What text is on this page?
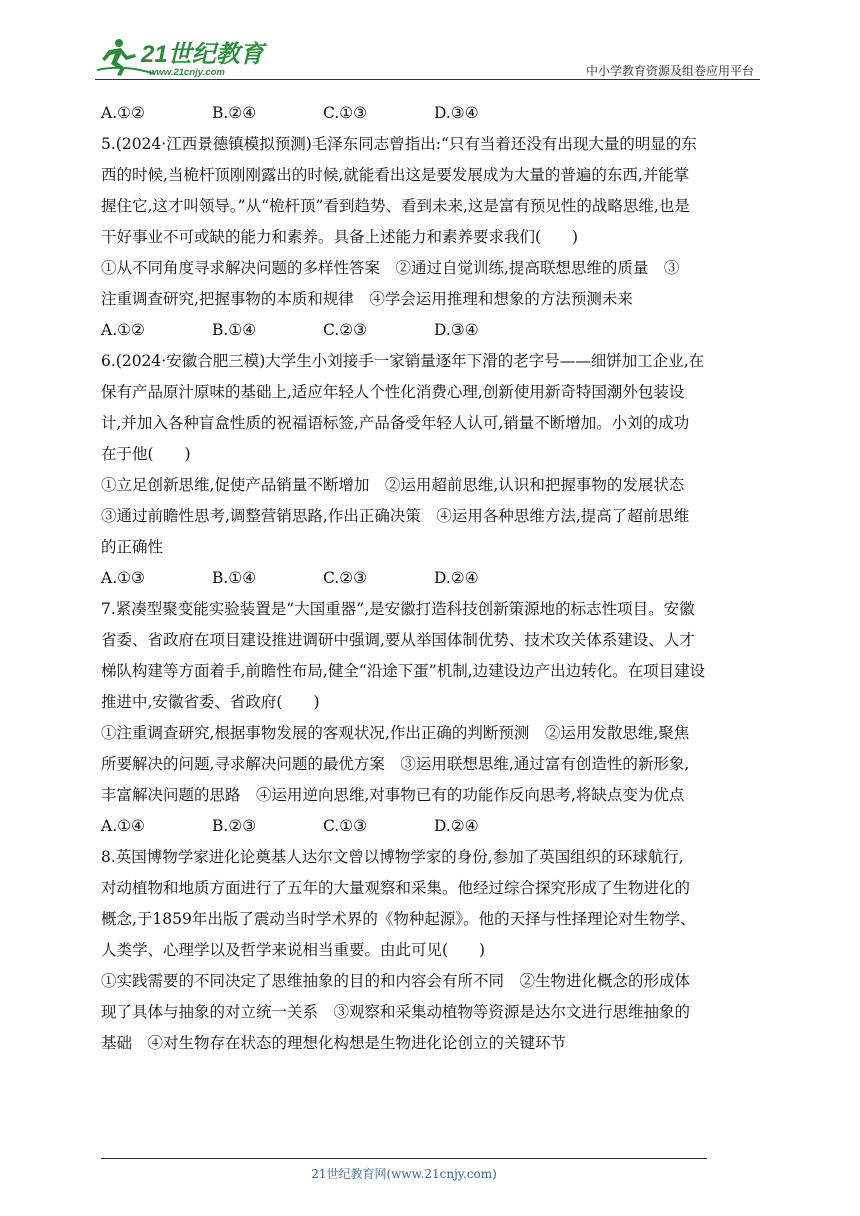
21世纪教育
www.21cnjy.com	中小学教育资源及组卷应用平台
A.①②	B.②④	C.①③	D.③④
5.(2024·江西景德镇模拟预测)毛泽东同志曾指出:“只有当着还没有出现大量的明显的东
西的时候,当桅杆顶刚刚露出的时候,就能看出这是要发展成为大量的普遍的东西,并能掌
握住它,这才叫领导。”从“桅杆顶”看到趋势、看到未来,这是富有预见性的战略思维,也是
干好事业不可或缺的能力和素养。具备上述能力和素养要求我们(　　)
①从不同角度寻求解决问题的多样性答案　②通过自觉训练,提高联想思维的质量　③
注重调查研究,把握事物的本质和规律　④学会运用推理和想象的方法预测未来
A.①②	B.①④	C.②③	D.③④
6.(2024·安徽合肥三模)大学生小刘接手一家销量逐年下滑的老字号——细饼加工企业,在
保有产品原汁原味的基础上,适应年轻人个性化消费心理,创新使用新奇特国潮外包装设
计,并加入各种盲盒性质的祝福语标签,产品备受年轻人认可,销量不断增加。小刘的成功
在于他(　　)
①立足创新思维,促使产品销量不断增加　②运用超前思维,认识和把握事物的发展状态
③通过前瞻性思考,调整营销思路,作出正确决策　④运用各种思维方法,提高了超前思维
的正确性
A.①③	B.①④	C.②③	D.②④
7.紧凑型聚变能实验装置是“大国重器”,是安徽打造科技创新策源地的标志性项目。安徽
省委、省政府在项目建设推进调研中强调,要从举国体制优势、技术攻关体系建设、人才
梯队构建等方面着手,前瞻性布局,健全“沿途下蛋”机制,边建设边产出边转化。在项目建设
推进中,安徽省委、省政府(　　)
①注重调查研究,根据事物发展的客观状况,作出正确的判断预测　②运用发散思维,聚焦
所要解决的问题,寻求解决问题的最优方案　③运用联想思维,通过富有创造性的新形象,
丰富解决问题的思路　④运用逆向思维,对事物已有的功能作反向思考,将缺点变为优点
A.①④	B.②③	C.①③	D.②④
8.英国博物学家进化论奠基人达尔文曾以博物学家的身份,参加了英国组织的环球航行,
对动植物和地质方面进行了五年的大量观察和采集。他经过综合探究形成了生物进化的
概念,于1859年出版了震动当时学术界的《物种起源》。他的天择与性择理论对生物学、
人类学、心理学以及哲学来说相当重要。由此可见(　　)
①实践需要的不同决定了思维抽象的目的和内容会有所不同　②生物进化概念的形成体
现了具体与抽象的对立统一关系　③观察和采集动植物等资源是达尔文进行思维抽象的
基础　④对生物存在状态的理想化构想是生物进化论创立的关键环节
21世纪教育网(www.21cnjy.com)
